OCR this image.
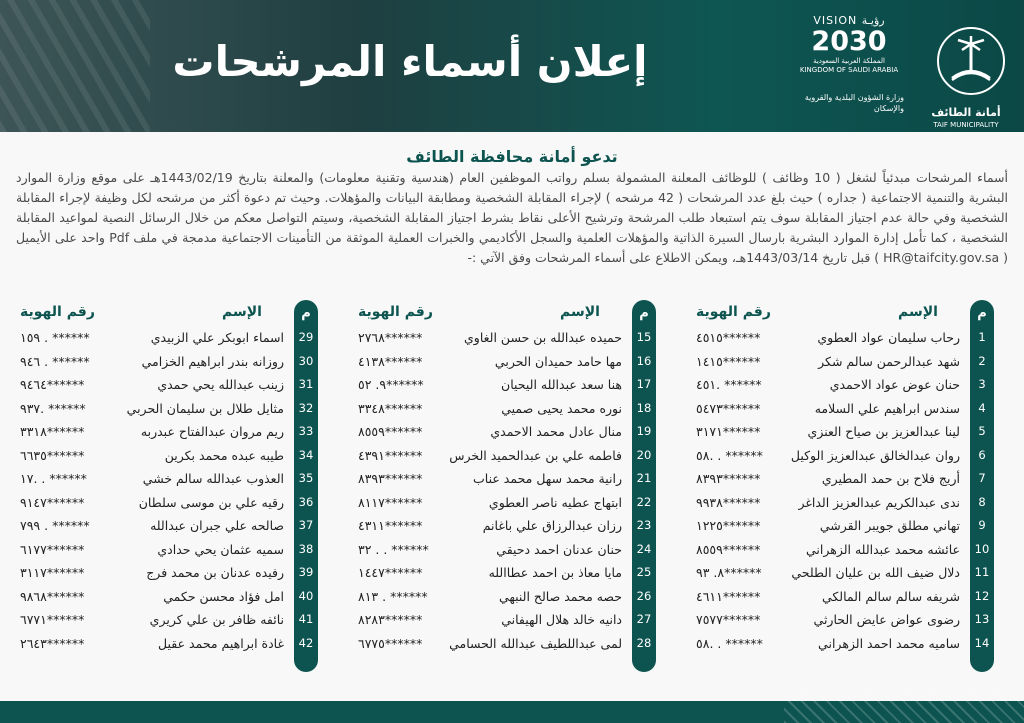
إعلان أسماء المرشحات
VISION رؤيـة
2030
المملكة العربية السعودية
KINGDOM OF SAUDI ARABIA
وزارة الشؤون البلدية والقروية والإسكان	أمانة الطائف
TAIF MUNICIPALITY
تدعو أمانة محافظة الطائف

أسماء المرشحات مبدئياً لشغل ( 10 وظائف ) للوظائف المعلنة المشمولة بسلم رواتب الموظفين العام (هندسية وتقنية معلومات) والمعلنة بتاريخ 1443/02/19هـ على موقع وزارة الموارد البشرية والتنمية الاجتماعية ( جداره ) حيث بلغ عدد المرشحات ( 42 مرشحه ) لإجراء المقابلة الشخصية ومطابقة البيانات والمؤهلات. وحيث تم دعوة أكثر من مرشحه لكل وظيفة لإجراء المقابلة الشخصية وفي حالة عدم اجتياز المقابلة سوف يتم استبعاد طلب المرشحة وترشيح الأعلى نقاط بشرط اجتياز المقابلة الشخصية، وسيتم التواصل معكم من خلال الرسائل النصية لمواعيد المقابلة الشخصية ، كما تأمل إدارة الموارد البشرية بارسال السيرة الذاتية والمؤهلات العلمية والسجل الأكاديمي والخبرات العملية الموثقة من التأمينات الاجتماعية مدمجة في ملف Pdf واحد على الأيميل ( HR@taifcity.gov.sa ) قبل تاريخ 1443/03/14هـ، ويمكن الاطلاع على أسماء المرشحات وفق الآتي :-

م
الإسم
رقم الهوية
1
رحاب سليمان عواد العطوي
٤٥١٥******
2
شهد عبدالرحمن سالم شكر
١٤١٥******
3
حنان عوض عواد الاحمدي
٤٥١. ******
4
سندس ابراهيم علي السلامه
٥٤٧٣******
5
لينا عبدالعزيز بن صياح العنزي
٣١٧١******
6
روان عبدالخالق عبدالعزيز الوكيل
٥٨. . ******
7
أريج فلاح بن حمد المطيري
٨٣٩٣******
8
ندى عبدالكريم عبدالعزيز الداغر
٩٩٣٨******
9
تهاني مطلق جويبر القرشي
١٢٢٥******
10
عائشه محمد عبدالله الزهراني
٨٥٥٩******
11
دلال ضيف الله بن عليان الطلحي
٨. ٩٣******
12
شريفه سالم سالم المالكي
٤٦١١******
13
رضوى عواض عايض الحارثي
٧٥٧٧******
14
ساميه محمد احمد الزهراني
٥٨. . ******
م
الإسم
رقم الهوية
15
حميده عبدالله بن حسن الغاوي
٢٧٦٨******
16
مها حامد حميدان الحربي
٤١٣٨******
17
هنا سعد عبدالله اليحيان
٩. ٥٢******
18
نوره محمد يحيى صميي
٣٣٤٨******
19
منال عادل محمد الاحمدي
٨٥٥٩******
20
فاطمه علي بن عبدالحميد الخرس
٤٣٩١******
21
رانية محمد سهل محمد عناب
٨٣٩٣******
22
ابتهاج عطيه ناصر العطوي
٨١١٧******
23
رزان عبدالرزاق علي باغانم
٤٣١١******
24
حنان عدنان احمد دحيقي
٣٢ . . ******
25
مايا معاذ بن احمد عطاالله
١٤٤٧******
26
حصه محمد صالح النبهي
٨١٣ . ******
27
دانيه خالد هلال الهيفاني
٨٢٨٣******
28
لمى عبداللطيف عبدالله الحسامي
٦٧٧٥******
م
الإسم
رقم الهوية
29
اسماء ابوبكر علي الزبيدي
١٥٩ . ******
30
روزانه بندر ابراهيم الخزامي
٩٤٦ . ******
31
زينب عبدالله يحي حمدي
٩٤٦٤******
32
مثايل طلال بن سليمان الحربي
٩٣٧. ******
33
ريم مروان عبدالفتاح عبدربه
٣٣١٨******
34
طيبه عبده محمد بكرين
٦٦٣٥******
35
العذوب عبدالله سالم خشي
١٧. . ******
36
رقيه علي بن موسى سلطان
٩١٤٧******
37
صالحه علي جبران عبدالله
٧٩٩ . ******
38
سميه عثمان يحي حدادي
٦١٧٧******
39
رفيده عدنان بن محمد فرج
٣١١٧******
40
امل فؤاد محسن حكمي
٩٨٦٨******
41
نائفه ظافر بن علي كريري
٦٧٧١******
42
غادة ابراهيم محمد عقيل
٢٦٤٣******
